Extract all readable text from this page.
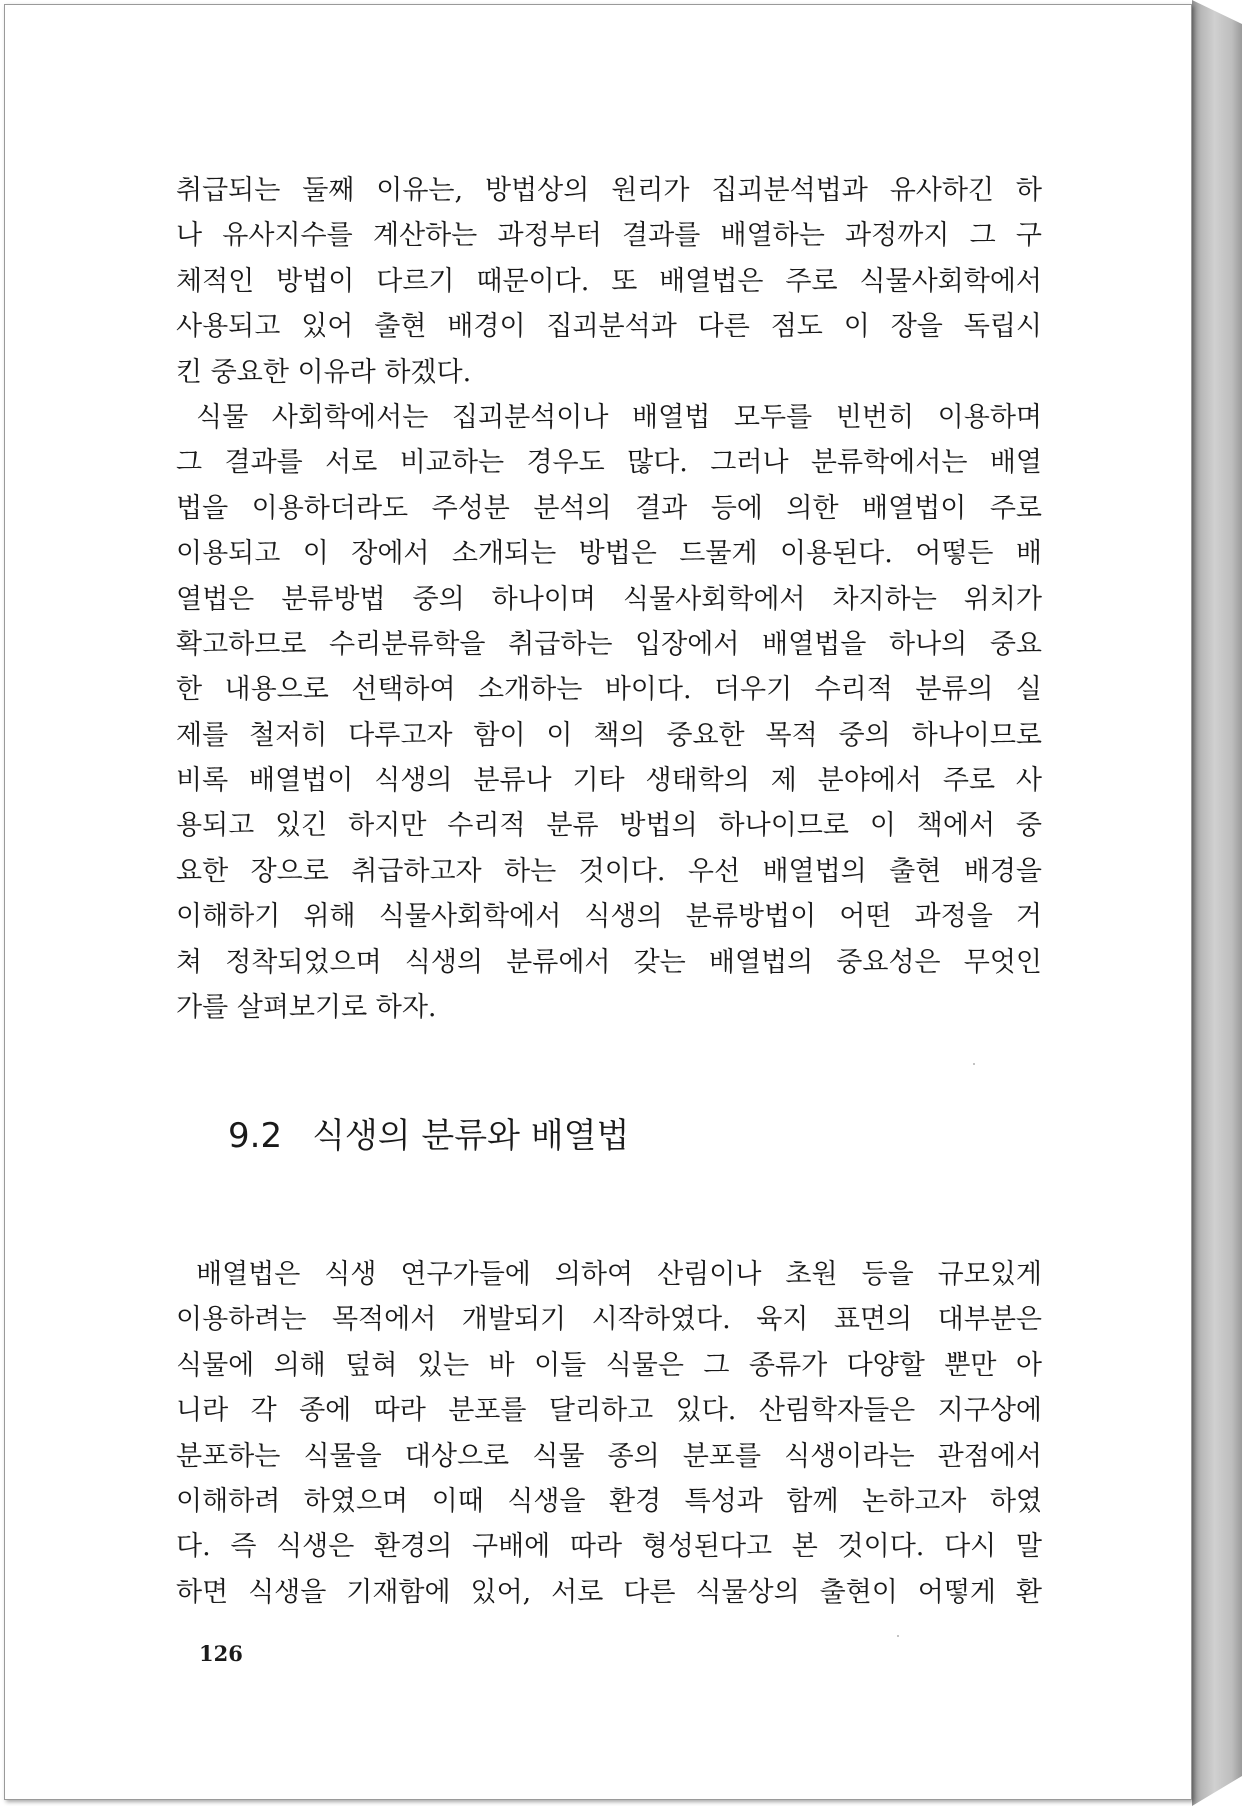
취급되는 둘째 이유는, 방법상의 원리가 집괴분석법과 유사하긴 하
나 유사지수를 계산하는 과정부터 결과를 배열하는 과정까지 그 구
체적인 방법이 다르기 때문이다. 또 배열법은 주로 식물사회학에서
사용되고 있어 출현 배경이 집괴분석과 다른 점도 이 장을 독립시
킨 중요한 이유라 하겠다.
식물 사회학에서는 집괴분석이나 배열법 모두를 빈번히 이용하며
그 결과를 서로 비교하는 경우도 많다. 그러나 분류학에서는 배열
법을 이용하더라도 주성분 분석의 결과 등에 의한 배열법이 주로
이용되고 이 장에서 소개되는 방법은 드물게 이용된다. 어떻든 배
열법은 분류방법 중의 하나이며 식물사회학에서 차지하는 위치가
확고하므로 수리분류학을 취급하는 입장에서 배열법을 하나의 중요
한 내용으로 선택하여 소개하는 바이다. 더우기 수리적 분류의 실
제를 철저히 다루고자 함이 이 책의 중요한 목적 중의 하나이므로
비록 배열법이 식생의 분류나 기타 생태학의 제 분야에서 주로 사
용되고 있긴 하지만 수리적 분류 방법의 하나이므로 이 책에서 중
요한 장으로 취급하고자 하는 것이다. 우선 배열법의 출현 배경을
이해하기 위해 식물사회학에서 식생의 분류방법이 어떤 과정을 거
쳐 정착되었으며 식생의 분류에서 갖는 배열법의 중요성은 무엇인
가를 살펴보기로 하자.
9.2 식생의 분류와 배열법
배열법은 식생 연구가들에 의하여 산림이나 초원 등을 규모있게
이용하려는 목적에서 개발되기 시작하였다. 육지 표면의 대부분은
식물에 의해 덮혀 있는 바 이들 식물은 그 종류가 다양할 뿐만 아
니라 각 종에 따라 분포를 달리하고 있다. 산림학자들은 지구상에
분포하는 식물을 대상으로 식물 종의 분포를 식생이라는 관점에서
이해하려 하였으며 이때 식생을 환경 특성과 함께 논하고자 하였
다. 즉 식생은 환경의 구배에 따라 형성된다고 본 것이다. 다시 말
하면 식생을 기재함에 있어, 서로 다른 식물상의 출현이 어떻게 환
126
